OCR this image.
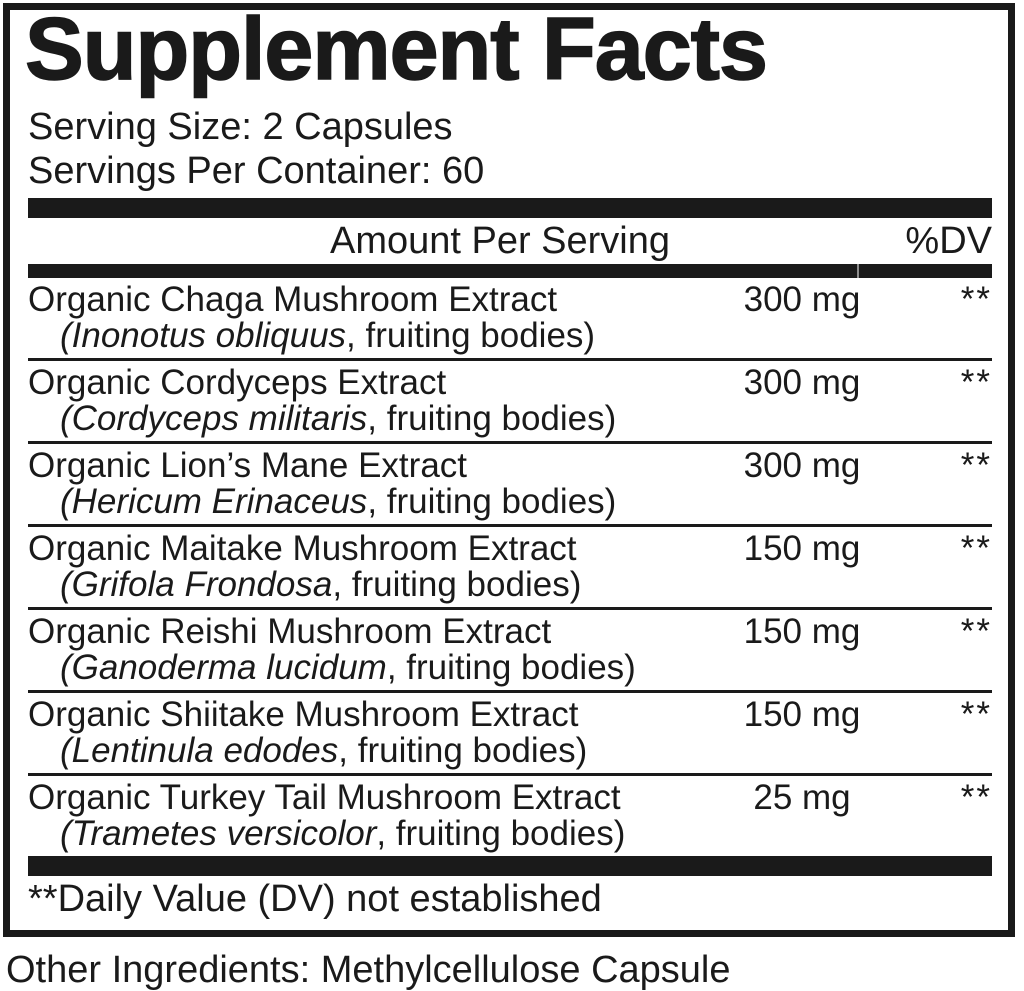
Supplement Facts
Serving Size: 2 Capsules
Servings Per Container: 60
Amount Per Serving	%DV
Organic Chaga Mushroom Extract
(Inonotus obliquus, fruiting bodies)
300 mg	**
Organic Cordyceps Extract
(Cordyceps militaris, fruiting bodies)
300 mg	**
Organic Lion’s Mane Extract
(Hericum Erinaceus, fruiting bodies)
300 mg	**
Organic Maitake Mushroom Extract
(Grifola Frondosa, fruiting bodies)
150 mg	**
Organic Reishi Mushroom Extract
(Ganoderma lucidum, fruiting bodies)
150 mg	**
Organic Shiitake Mushroom Extract
(Lentinula edodes, fruiting bodies)
150 mg	**
Organic Turkey Tail Mushroom Extract
(Trametes versicolor, fruiting bodies)
25 mg	**
**Daily Value (DV) not established
Other Ingredients: Methylcellulose Capsule
